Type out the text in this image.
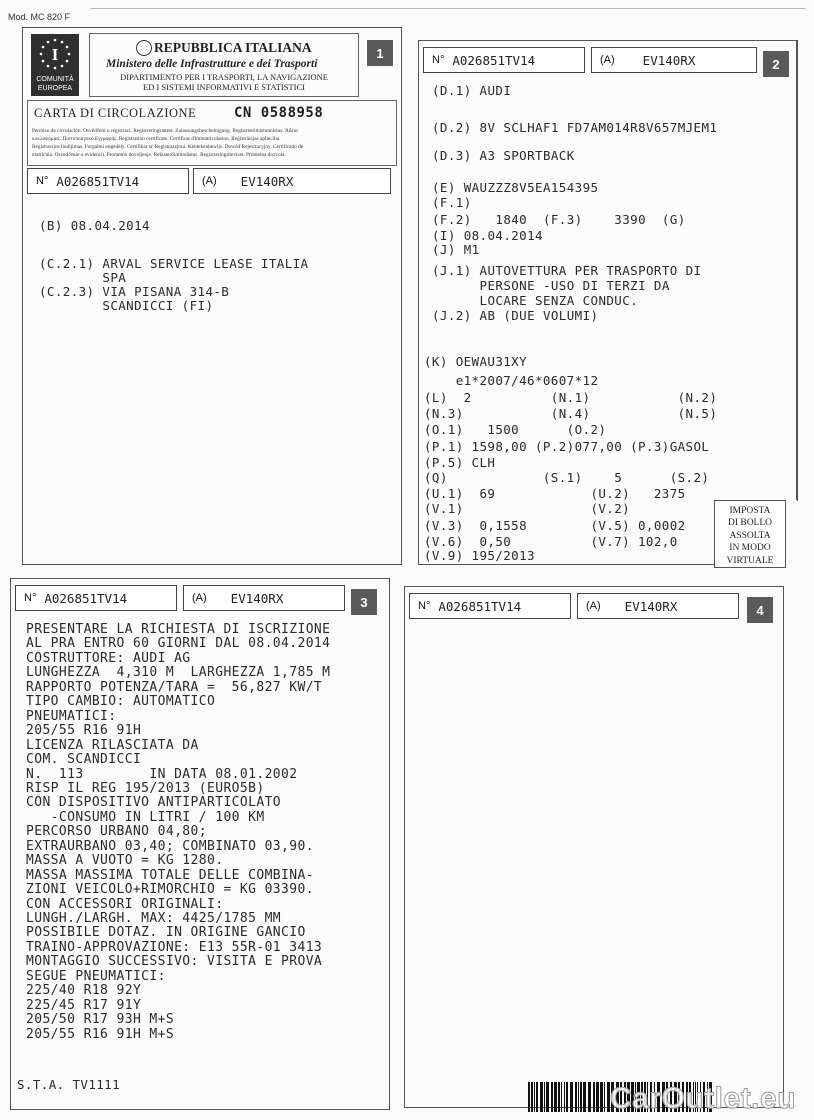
Mod. MC 820 F
I
COMUNITÀ
EUROPEA
REPUBBLICA ITALIANA
Ministero delle Infrastrutture e dei Trasporti
DIPARTIMENTO PER I TRASPORTI, LA NAVIGAZIONE
ED I SISTEMI INFORMATIVI E STATISTICI
1
CARTA DI CIRCOLAZIONE	CN 0588958
Permiso de circulación. Osvědčení o registraci. Registreringsattest. Zulassungsbescheinigung. Registreerimistunnistus. Άδεια
κυκλοφορίας. Πιστοποιητικό Εγγραφής. Registration certificate. Certificat d'immatriculation. Reģistrācijas apliecība.
Registracijos liudijimas. Forgalmi engedély. Certifikat ta' Registrazzjoni. Kentekenbewijs. Dowód Rejestracyjny. Certificado de
matrícula. Osvedčenie o evidencii. Prometno dovoljenje. Rekisteröintitodistus. Registreringsbeviset. Prometna dozvola.
N° A026851TV14	(A) EV140RX
(B) 08.04.2014
(C.2.1) ARVAL SERVICE LEASE ITALIA
SPA
(C.2.3) VIA PISANA 314-B
SCANDICCI (FI)
N° A026851TV14	(A) EV140RX	2
(D.1) AUDI
(D.2) 8V SCLHAF1 FD7AM014R8V657MJEM1
(D.3) A3 SPORTBACK
(E) WAUZZZ8V5EA154395
(F.1)
(F.2)   1840  (F.3)    3390  (G)
(I) 08.04.2014
(J) M1
(J.1) AUTOVETTURA PER TRASPORTO DI
PERSONE -USO DI TERZI DA
LOCARE SENZA CONDUC.
(J.2) AB (DUE VOLUMI)
(K) OEWAU31XY
e1*2007/46*0607*12
(L)  2          (N.1)           (N.2)
(N.3)           (N.4)           (N.5)
(O.1)   1500      (O.2)
(P.1) 1598,00 (P.2)077,00 (P.3)GASOL
(P.5) CLH
(Q)            (S.1)    5      (S.2)
(U.1)  69            (U.2)   2375
(V.1)                (V.2)
(V.3)  0,1558        (V.5) 0,0002
(V.6)  0,50          (V.7) 102,0
(V.9) 195/2013
IMPOSTA
DI BOLLO
ASSOLTA
IN MODO
VIRTUALE
N° A026851TV14	(A) EV140RX	3
S.T.A. TV1111
PRESENTARE LA RICHIESTA DI ISCRIZIONE
AL PRA ENTRO 60 GIORNI DAL 08.04.2014
COSTRUTTORE: AUDI AG
LUNGHEZZA  4,310 M  LARGHEZZA 1,785 M
RAPPORTO POTENZA/TARA =  56,827 KW/T
TIPO CAMBIO: AUTOMATICO
PNEUMATICI:
205/55 R16 91H
LICENZA RILASCIATA DA
COM. SCANDICCI
N.  113        IN DATA 08.01.2002
RISP IL REG 195/2013 (EURO5B)
CON DISPOSITIVO ANTIPARTICOLATO
-CONSUMO IN LITRI / 100 KM
PERCORSO URBANO 04,80;
EXTRAURBANO 03,40; COMBINATO 03,90.
MASSA A VUOTO = KG 1280.
MASSA MASSIMA TOTALE DELLE COMBINA-
ZIONI VEICOLO+RIMORCHIO = KG 03390.
CON ACCESSORI ORIGINALI:
LUNGH./LARGH. MAX: 4425/1785 MM
POSSIBILE DOTAZ. IN ORIGINE GANCIO
TRAINO-APPROVAZIONE: E13 55R-01 3413
MONTAGGIO SUCCESSIVO: VISITA E PROVA
SEGUE PNEUMATICI:
225/40 R18 92Y
225/45 R17 91Y
205/50 R17 93H M+S
205/55 R16 91H M+S
N° A026851TV14	(A) EV140RX	4
CarOutlet.eu
